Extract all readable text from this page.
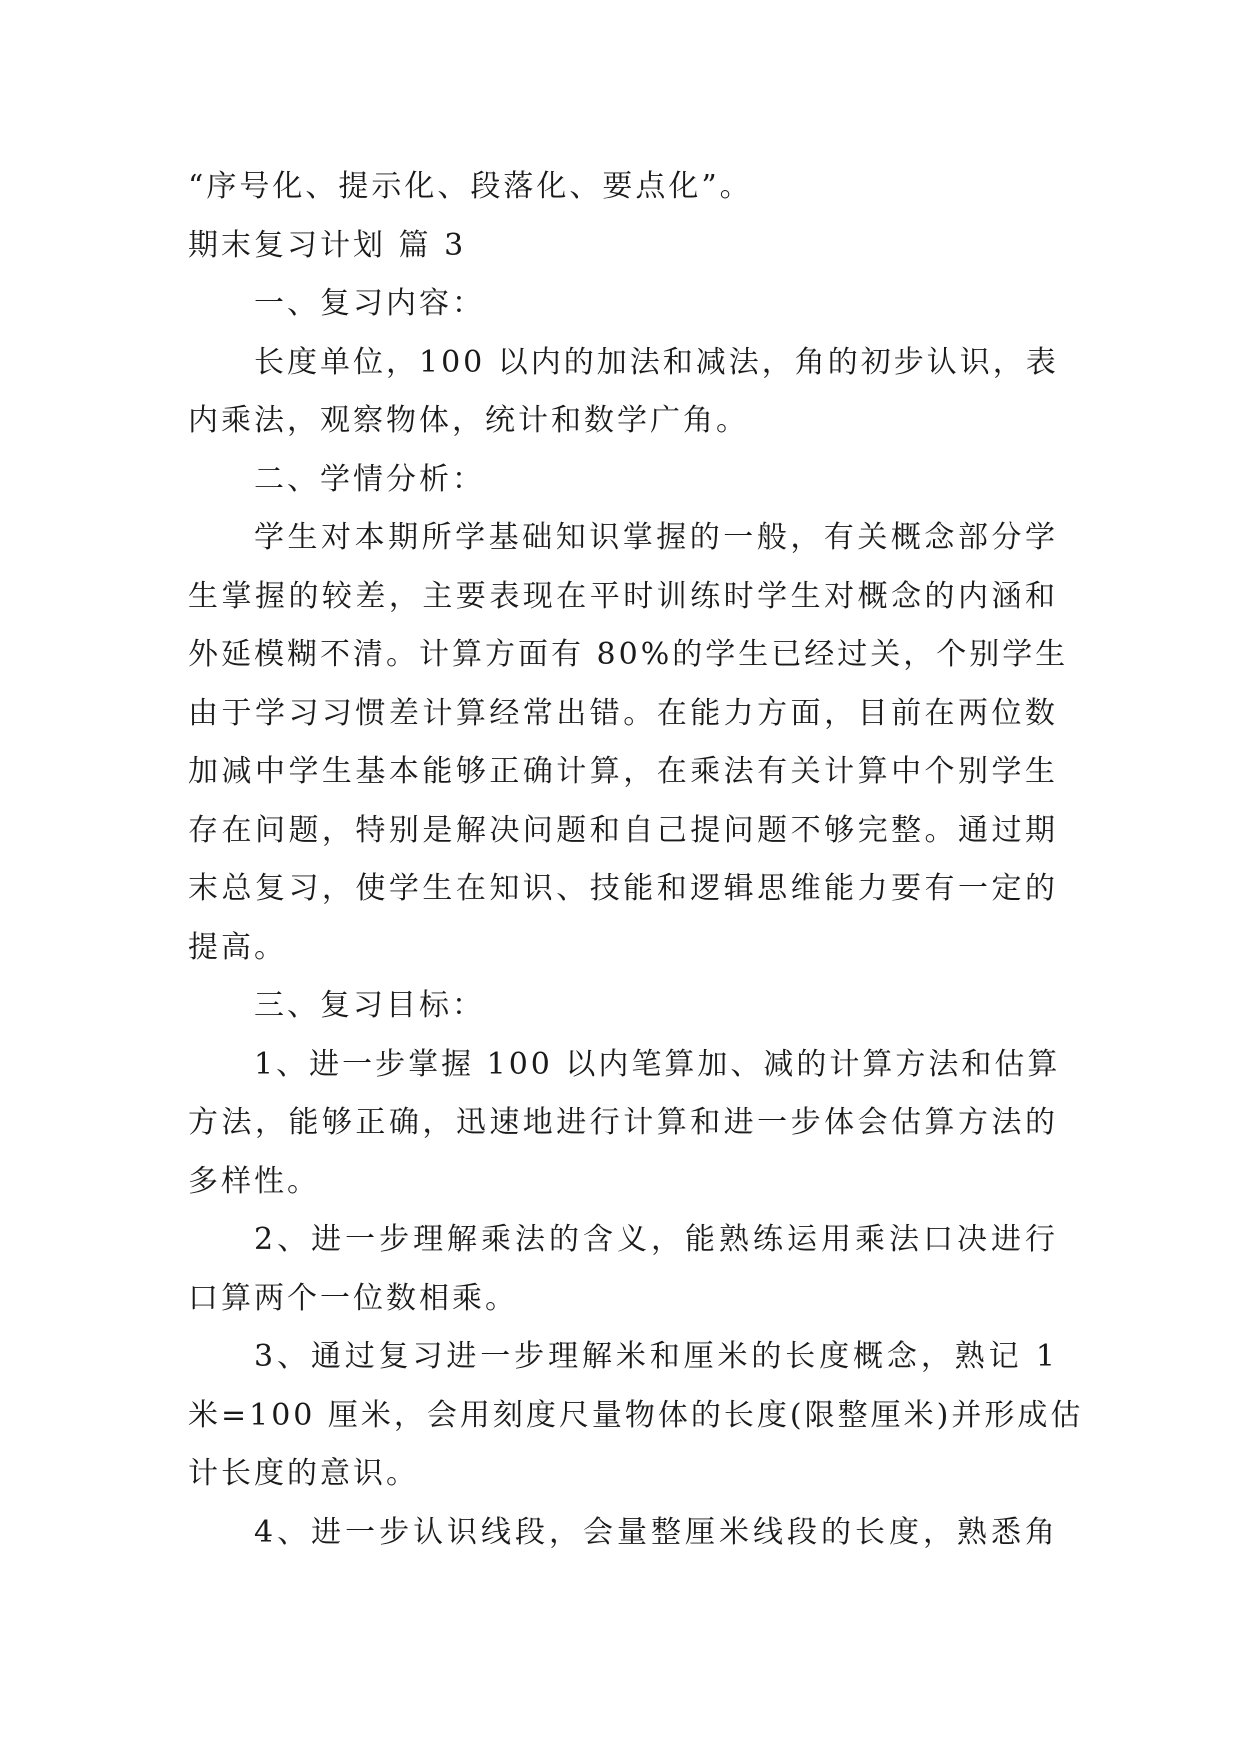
“序号化、提示化、段落化、要点化”。
期末复习计划 篇 3
一、复习内容：
长度单位，100 以内的加法和减法，角的初步认识，表
内乘法，观察物体，统计和数学广角。
二、学情分析：
学生对本期所学基础知识掌握的一般，有关概念部分学
生掌握的较差，主要表现在平时训练时学生对概念的内涵和
外延模糊不清。计算方面有 80%的学生已经过关，个别学生
由于学习习惯差计算经常出错。在能力方面，目前在两位数
加减中学生基本能够正确计算，在乘法有关计算中个别学生
存在问题，特别是解决问题和自己提问题不够完整。通过期
末总复习，使学生在知识、技能和逻辑思维能力要有一定的
提高。
三、复习目标：
1、进一步掌握 100 以内笔算加、减的计算方法和估算
方法，能够正确，迅速地进行计算和进一步体会估算方法的
多样性。
2、进一步理解乘法的含义，能熟练运用乘法口决进行
口算两个一位数相乘。
3、通过复习进一步理解米和厘米的长度概念，熟记 1
米=100 厘米，会用刻度尺量物体的长度(限整厘米)并形成估
计长度的意识。
4、进一步认识线段，会量整厘米线段的长度，熟悉角
